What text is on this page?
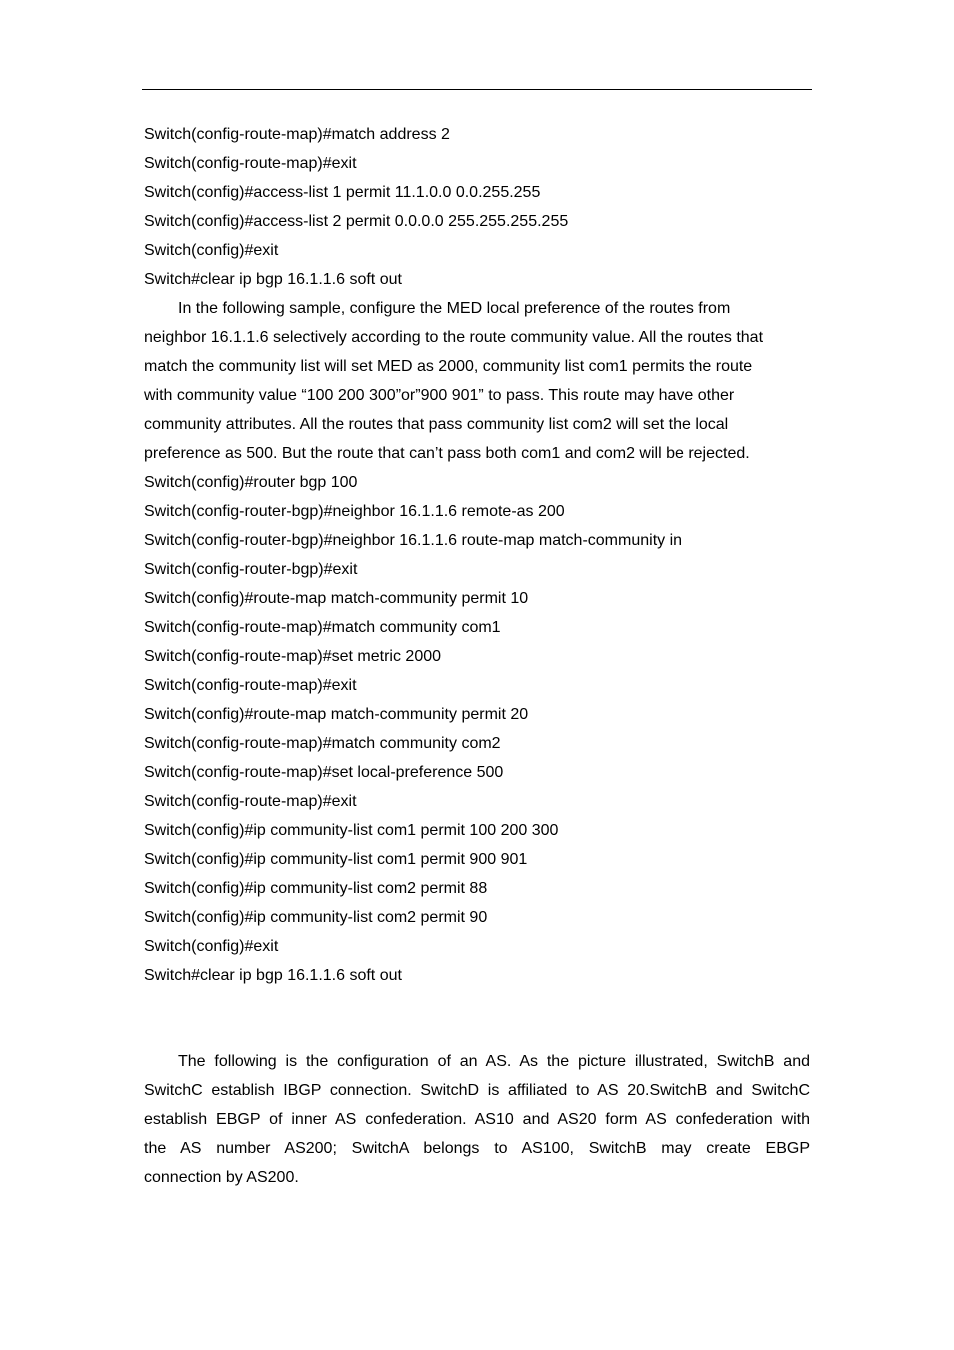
Switch(config-route-map)#match address 2
Switch(config-route-map)#exit
Switch(config)#access-list 1 permit 11.1.0.0 0.0.255.255
Switch(config)#access-list 2 permit 0.0.0.0 255.255.255.255
Switch(config)#exit
Switch#clear ip bgp 16.1.1.6 soft out
In the following sample, configure the MED local preference of the routes from
neighbor 16.1.1.6 selectively according to the route community value. All the routes that
match the community list will set MED as 2000, community list com1 permits the route
with community value “100 200 300”or”900 901” to pass. This route may have other
community attributes. All the routes that pass community list com2 will set the local
preference as 500. But the route that can’t pass both com1 and com2 will be rejected.
Switch(config)#router bgp 100
Switch(config-router-bgp)#neighbor 16.1.1.6 remote-as 200
Switch(config-router-bgp)#neighbor 16.1.1.6 route-map match-community in
Switch(config-router-bgp)#exit
Switch(config)#route-map match-community permit 10
Switch(config-route-map)#match community com1
Switch(config-route-map)#set metric 2000
Switch(config-route-map)#exit
Switch(config)#route-map match-community permit 20
Switch(config-route-map)#match community com2
Switch(config-route-map)#set local-preference 500
Switch(config-route-map)#exit
Switch(config)#ip community-list com1 permit 100 200 300
Switch(config)#ip community-list com1 permit 900 901
Switch(config)#ip community-list com2 permit 88
Switch(config)#ip community-list com2 permit 90
Switch(config)#exit
Switch#clear ip bgp 16.1.1.6 soft out
The following is the configuration of an AS. As the picture illustrated, SwitchB and
SwitchC establish IBGP connection. SwitchD is affiliated to AS 20.SwitchB and SwitchC
establish EBGP of inner AS confederation. AS10 and AS20 form AS confederation with
the AS number AS200; SwitchA belongs to AS100, SwitchB may create EBGP
connection by AS200.
